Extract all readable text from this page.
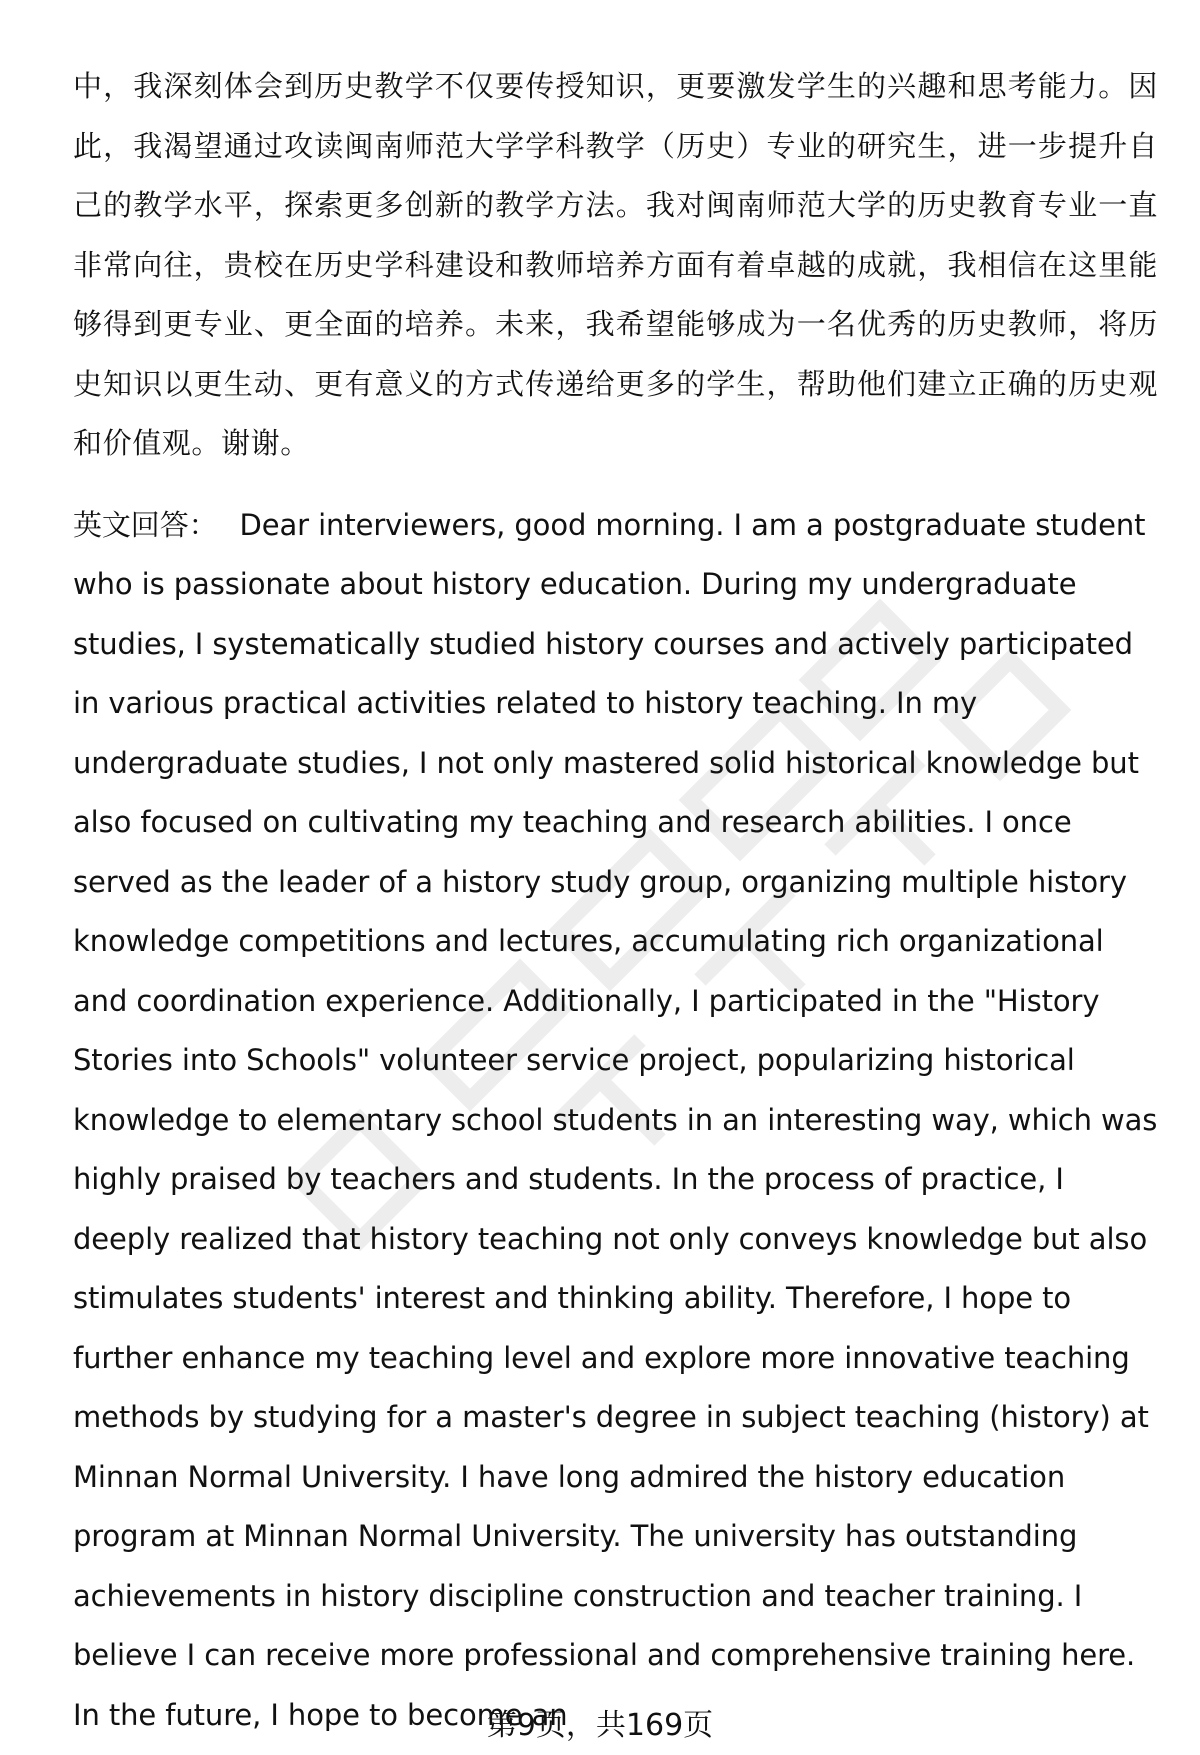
中，我深刻体会到历史教学不仅要传授知识，更要激发学生的兴趣和思考能力。因此，我渴望通过攻读闽南师范大学学科教学（历史）专业的研究生，进一步提升自己的教学水平，探索更多创新的教学方法。我对闽南师范大学的历史教育专业一直非常向往，贵校在历史学科建设和教师培养方面有着卓越的成就，我相信在这里能够得到更专业、更全面的培养。未来，我希望能够成为一名优秀的历史教师，将历史知识以更生动、更有意义的方式传递给更多的学生，帮助他们建立正确的历史观和价值观。谢谢。

英文回答： Dear interviewers, good morning. I am a postgraduate student who is passionate about history education. During my undergraduate studies, I systematically studied history courses and actively participated in various practical activities related to history teaching. In my undergraduate studies, I not only mastered solid historical knowledge but also focused on cultivating my teaching and research abilities. I once served as the leader of a history study group, organizing multiple history knowledge competitions and lectures, accumulating rich organizational and coordination experience. Additionally, I participated in the "History Stories into Schools" volunteer service project, popularizing historical knowledge to elementary school students in an interesting way, which was highly praised by teachers and students. In the process of practice, I deeply realized that history teaching not only conveys knowledge but also stimulates students' interest and thinking ability. Therefore, I hope to further enhance my teaching level and explore more innovative teaching methods by studying for a master's degree in subject teaching (history) at Minnan Normal University. I have long admired the history education program at Minnan Normal University. The university has outstanding achievements in history discipline construction and teacher training. I believe I can receive more professional and comprehensive training here. In the future, I hope to become an

第9页，共169页
